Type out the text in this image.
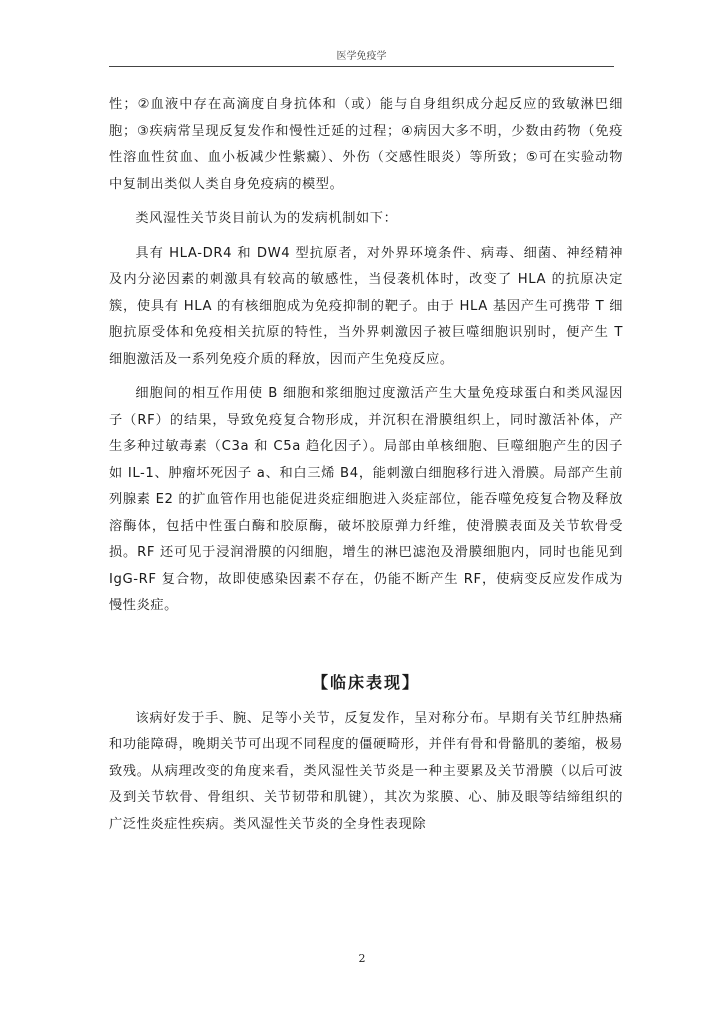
医学免疫学

性；②血液中存在高滴度自身抗体和（或）能与自身组织成分起反应的致敏淋巴细胞；③疾病常呈现反复发作和慢性迁延的过程；④病因大多不明，少数由药物（免疫性溶血性贫血、血小板减少性紫癜）、外伤（交感性眼炎）等所致；⑤可在实验动物中复制出类似人类自身免疫病的模型。

类风湿性关节炎目前认为的发病机制如下：

具有 HLA-DR4 和 DW4 型抗原者，对外界环境条件、病毒、细菌、神经精神及内分泌因素的刺激具有较高的敏感性，当侵袭机体时，改变了 HLA 的抗原决定簇，使具有 HLA 的有核细胞成为免疫抑制的靶子。由于 HLA 基因产生可携带 T 细胞抗原受体和免疫相关抗原的特性，当外界刺激因子被巨噬细胞识别时，便产生 T 细胞激活及一系列免疫介质的释放，因而产生免疫反应。

细胞间的相互作用使 B 细胞和浆细胞过度激活产生大量免疫球蛋白和类风湿因子（RF）的结果，导致免疫复合物形成，并沉积在滑膜组织上，同时激活补体，产生多种过敏毒素（C3a 和 C5a 趋化因子）。局部由单核细胞、巨噬细胞产生的因子如 IL-1、肿瘤坏死因子 a、和白三烯 B4，能刺激白细胞移行进入滑膜。局部产生前列腺素 E2 的扩血管作用也能促进炎症细胞进入炎症部位，能吞噬免疫复合物及释放溶酶体，包括中性蛋白酶和胶原酶，破坏胶原弹力纤维，使滑膜表面及关节软骨受损。RF 还可见于浸润滑膜的闪细胞，增生的淋巴滤泡及滑膜细胞内，同时也能见到 IgG-RF 复合物，故即使感染因素不存在，仍能不断产生 RF，使病变反应发作成为慢性炎症。

【临床表现】

该病好发于手、腕、足等小关节，反复发作，呈对称分布。早期有关节红肿热痛和功能障碍，晚期关节可出现不同程度的僵硬畸形，并伴有骨和骨骼肌的萎缩，极易致残。从病理改变的角度来看，类风湿性关节炎是一种主要累及关节滑膜（以后可波及到关节软骨、骨组织、关节韧带和肌键），其次为浆膜、心、肺及眼等结缔组织的广泛性炎症性疾病。类风湿性关节炎的全身性表现除

2
